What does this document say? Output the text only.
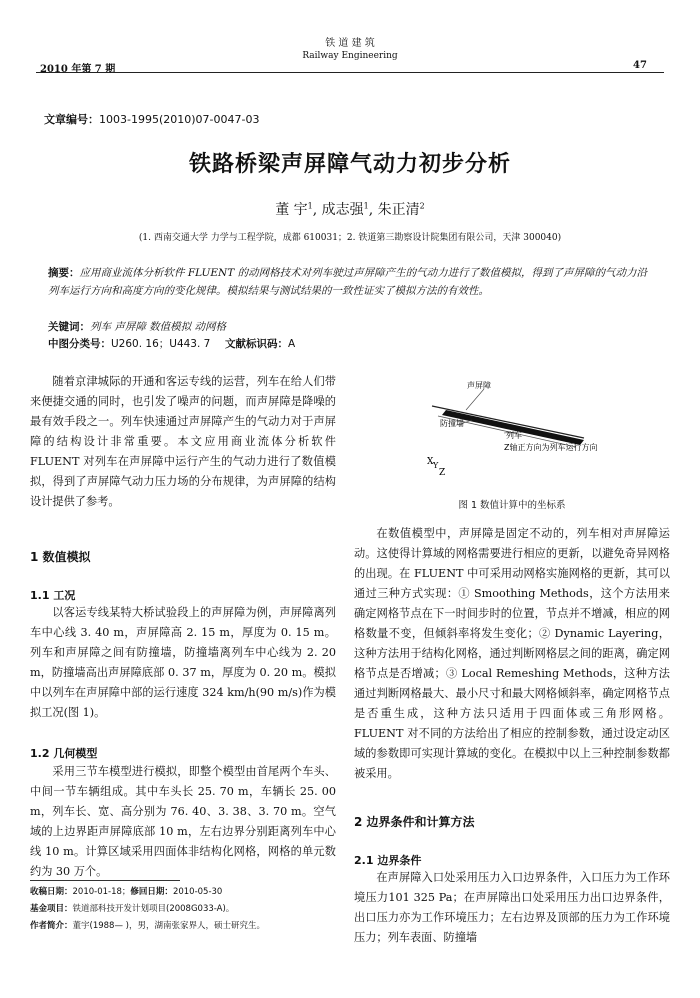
铁 道 建 筑
Railway Engineering
2010 年第 7 期	47
文章编号：1003-1995(2010)07-0047-03
铁路桥梁声屏障气动力初步分析
董 宇$^1$, 成志强$^1$, 朱正清$^2$
(1. 西南交通大学 力学与工程学院，成都 610031；2. 铁道第三勘察设计院集团有限公司，天津 300040)
摘要：应用商业流体分析软件 FLUENT 的动网格技术对列车驶过声屏障产生的气动力进行了数值模拟，得到了声屏障的气动力沿列车运行方向和高度方向的变化规律。模拟结果与测试结果的一致性证实了模拟方法的有效性。
关键词：列车 声屏障 数值模拟 动网格
中图分类号：U260. 16；U443. 7 文献标识码：A

随着京津城际的开通和客运专线的运营，列车在给人们带来便捷交通的同时，也引发了噪声的问题，而声屏障是降噪的最有效手段之一。列车快速通过声屏障产生的气动力对于声屏障的结构设计非常重要。本文应用商业流体分析软件 FLUENT 对列车在声屏障中运行产生的气动力进行了数值模拟，得到了声屏障气动力压力场的分布规律，为声屏障的结构设计提供了参考。

1 数值模拟
1.1 工况

以客运专线某特大桥试验段上的声屏障为例，声屏障离列车中心线 3. 40 m，声屏障高 2. 15 m，厚度为 0. 15 m。列车和声屏障之间有防撞墙，防撞墙离列车中心线为 2. 20 m，防撞墙高出声屏障底部 0. 37 m，厚度为 0. 20 m。模拟中以列车在声屏障中部的运行速度 324 km/h(90 m/s)作为模拟工况(图 1)。

1.2 几何模型

采用三节车模型进行模拟，即整个模型由首尾两个车头、中间一节车辆组成。其中车头长 25. 70 m，车辆长 25. 00 m，列车长、宽、高分别为 76. 40、3. 38、3. 70 m。空气域的上边界距声屏障底部 10 m，左右边界分别距离列车中心线 10 m。计算区域采用四面体非结构化网格，网格的单元数约为 30 万个。

收稿日期：2010-01-18；修回日期：2010-05-30
基金项目：铁道部科技开发计划项目(2008G033-A)。
作者简介：董宇(1988— )，男，湖南张家界人，硕士研究生。
声屏障
防撞墙
列车
Z轴正方向为列车运行方向
X Y
Z
图 1 数值计算中的坐标系

在数值模型中，声屏障是固定不动的，列车相对声屏障运动。这使得计算域的网格需要进行相应的更新，以避免奇异网格的出现。在 FLUENT 中可采用动网格实施网格的更新，其可以通过三种方式实现：① Smoothing Methods，这个方法用来确定网格节点在下一时间步时的位置，节点并不增减，相应的网格数量不变，但倾斜率将发生变化；② Dynamic Layering，这种方法用于结构化网格，通过判断网格层之间的距离，确定网格节点是否增减；③ Local Remeshing Methods，这种方法通过判断网格最大、最小尺寸和最大网格倾斜率，确定网格节点是否重生成，这种方法只适用于四面体或三角形网格。FLUENT 对不同的方法给出了相应的控制参数，通过设定动区域的参数即可实现计算域的变化。在模拟中以上三种控制参数都被采用。

2 边界条件和计算方法
2.1 边界条件

在声屏障入口处采用压力入口边界条件，入口压力为工作环境压力101 325 Pa；在声屏障出口处采用压力出口边界条件，出口压力亦为工作环境压力；左右边界及顶部的压力为工作环境压力；列车表面、防撞墙
